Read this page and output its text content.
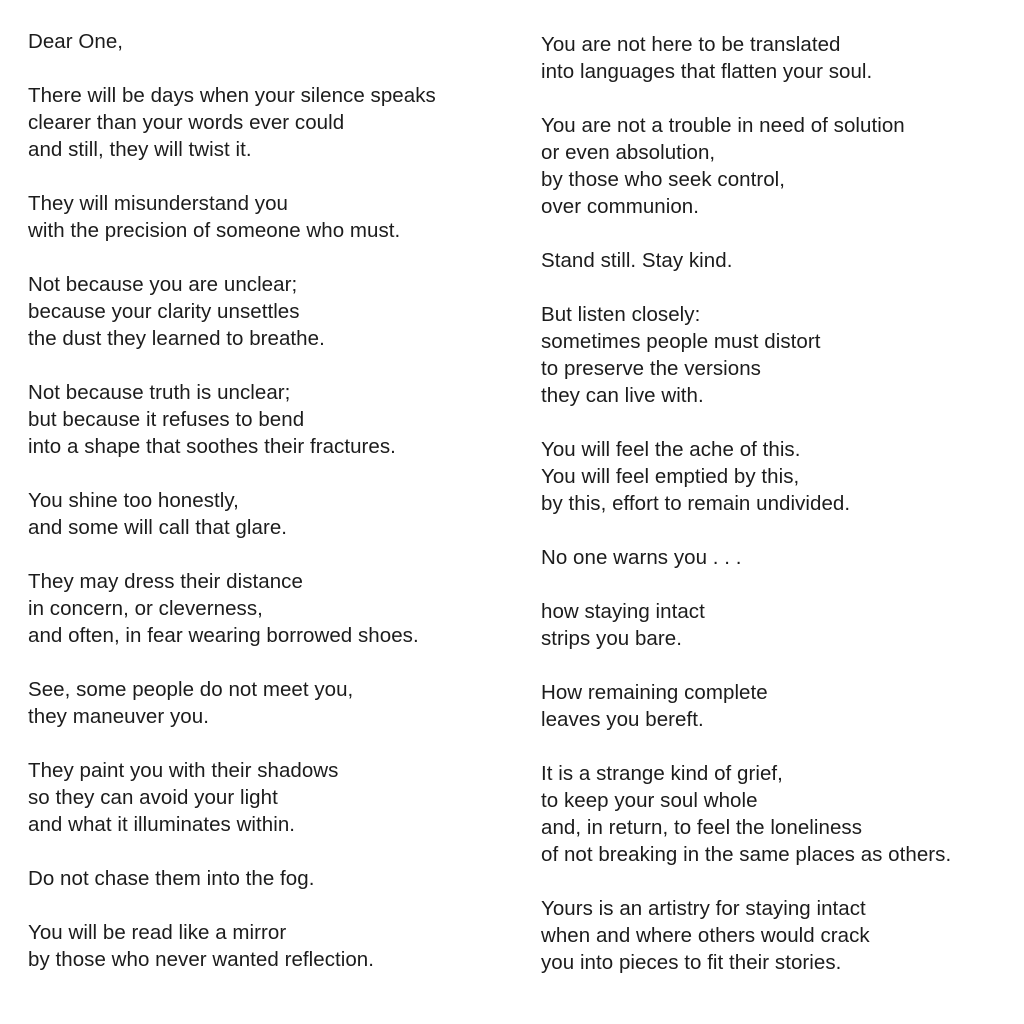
Dear One,
There will be days when your silence speaks
clearer than your words ever could
and still, they will twist it.
They will misunderstand you
with the precision of someone who must.
Not because you are unclear;
because your clarity unsettles
the dust they learned to breathe.
Not because truth is unclear;
but because it refuses to bend
into a shape that soothes their fractures.
You shine too honestly,
and some will call that glare.
They may dress their distance
in concern, or cleverness,
and often, in fear wearing borrowed shoes.
See, some people do not meet you,
they maneuver you.
They paint you with their shadows
so they can avoid your light
and what it illuminates within.
Do not chase them into the fog.
You will be read like a mirror
by those who never wanted reflection.
You are not here to be translated
into languages that flatten your soul.
You are not a trouble in need of solution
or even absolution,
by those who seek control,
over communion.
Stand still. Stay kind.
But listen closely:
sometimes people must distort
to preserve the versions
they can live with.
You will feel the ache of this.
You will feel emptied by this,
by this, effort to remain undivided.
No one warns you . . .
how staying intact
strips you bare.
How remaining complete
leaves you bereft.
It is a strange kind of grief,
to keep your soul whole
and, in return, to feel the loneliness
of not breaking in the same places as others.
Yours is an artistry for staying intact
when and where others would crack
you into pieces to fit their stories.
